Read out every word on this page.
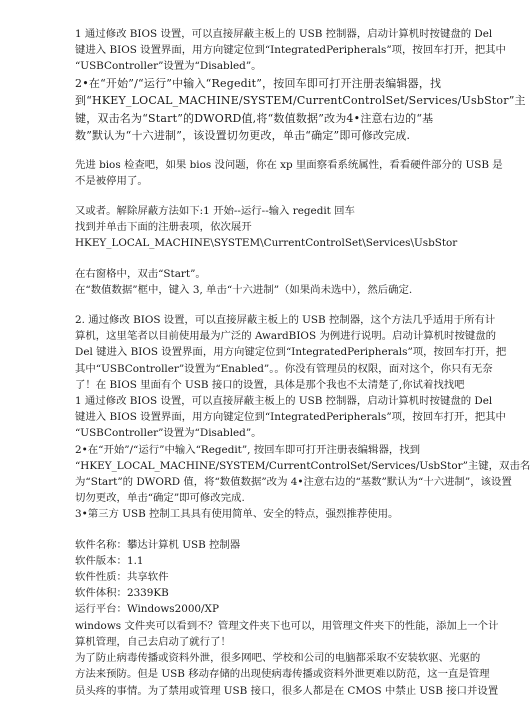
1 通过修改 BIOS 设置，可以直接屏蔽主板上的 USB 控制器，启动计算机时按键盘的 Del

键进入 BIOS 设置界面，用方向键定位到“IntegratedPeripherals”项，按回车打开，把其中

“USBController”设置为“Disabled”。

2•在“开始”/“运行”中输入“Regedit”，按回车即可打开注册表编辑器，找

到“HKEY_LOCAL_MACHINE/SYSTEM/CurrentControlSet/Services/UsbStor”主

键，双击名为“Start”的DWORD值,将“数值数据”改为4•注意右边的“基

数”默认为“十六进制”，该设置切勿更改，单击“确定”即可修改完成.

先进 bios 检查吧，如果 bios 没问题，你在 xp 里面察看系统属性，看看硬件部分的 USB 是

不是被停用了。

又或者。解除屏蔽方法如下:1 开始--运行--输入 regedit 回车

找到并单击下面的注册表项，依次展开

HKEY_LOCAL_MACHINE\SYSTEM\CurrentControlSet\Services\UsbStor

在右窗格中，双击“Start”。

在“数值数据”框中，键入 3, 单击“十六进制”（如果尚未选中），然后确定.

2. 通过修改 BIOS 设置，可以直接屏蔽主板上的 USB 控制器，这个方法几乎适用于所有计

算机，这里笔者以目前使用最为广泛的 AwardBIOS 为例进行说明。启动计算机时按键盘的

Del 键进入 BIOS 设置界面，用方向键定位到“IntegratedPeripherals”项，按回车打开，把

其中“USBController”设置为“Enabled”。。你没有管理员的权限，面对这个，你只有无奈

了！在 BIOS 里面有个 USB 接口的设置，具体是那个我也不太清楚了,你试着找找吧

1 通过修改 BIOS 设置，可以直接屏蔽主板上的 USB 控制器，启动计算机时按键盘的 Del

键进入 BIOS 设置界面，用方向键定位到“IntegratedPeripherals”项，按回车打开，把其中

“USBController”设置为“Disabled”。

2•在“开始”/“运行”中输入“Regedit”, 按回车即可打开注册表编辑器，找到

“HKEY_LOCAL_MACHINE/SYSTEM/CurrentControlSet/Services/UsbStor”主键，双击名

为“Start”的 DWORD 值，将“数值数据”改为 4•注意右边的“基数”默认为“十六进制”，该设置

切勿更改，单击“确定”即可修改完成.

3•第三方 USB 控制工具具有使用简单、安全的特点，强烈推荐使用。

软件名称：攀达计算机 USB 控制器

软件版本：1.1

软件性质：共享软件

软件体积：2339KB

运行平台：Windows2000/XP

windows 文件夹可以看到不？管理文件夹下也可以，用管理文件夹下的性能，添加上一个计

算机管理，自己去启动了就行了！

为了防止病毒传播或资料外泄，很多网吧、学校和公司的电脑都采取不安装软驱、光驱的

方法来预防。但是 USB 移动存储的出现使病毒传播或资料外泄更难以防范，这一直是管理

员头疼的事情。为了禁用或管理 USB 接口，很多人都是在 CMOS 中禁止 USB 接口并设置
